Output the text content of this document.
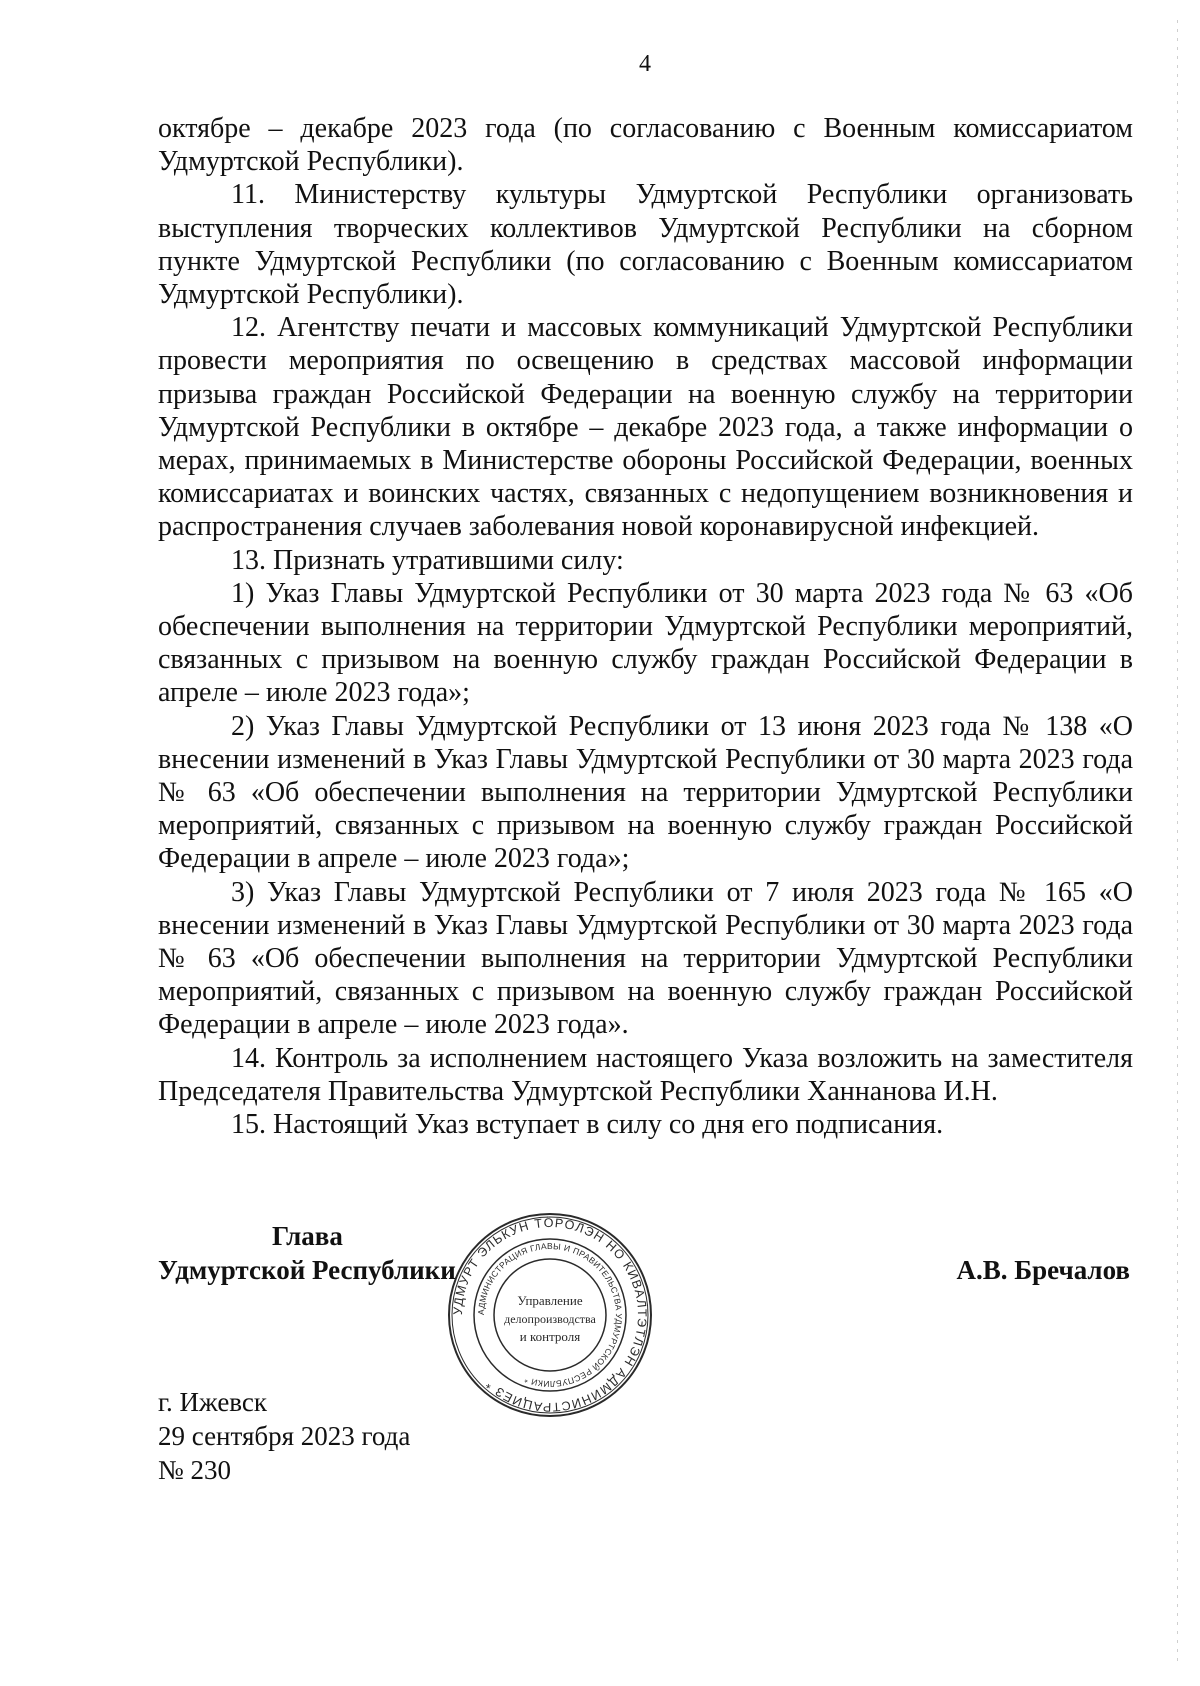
4

октябре – декабре 2023 года (по согласованию с Военным комиссариатом Удмуртской Республики).

11. Министерству культуры Удмуртской Республики организовать выступления творческих коллективов Удмуртской Республики на сборном пункте Удмуртской Республики (по согласованию с Военным комиссариатом Удмуртской Республики).

12. Агентству печати и массовых коммуникаций Удмуртской Республики провести мероприятия по освещению в средствах массовой информации призыва граждан Российской Федерации на военную службу на территории Удмуртской Республики в октябре – декабре 2023 года, а также информации о мерах, принимаемых в Министерстве обороны Российской Федерации, военных комиссариатах и воинских частях, связанных с недопущением возникновения и распространения случаев заболевания новой коронавирусной инфекцией.

13. Признать утратившими силу:

1) Указ Главы Удмуртской Республики от 30 марта 2023 года № 63 «Об обеспечении выполнения на территории Удмуртской Республики мероприятий, связанных с призывом на военную службу граждан Российской Федерации в апреле – июле 2023 года»;

2) Указ Главы Удмуртской Республики от 13 июня 2023 года № 138 «О внесении изменений в Указ Главы Удмуртской Республики от 30 марта 2023 года № 63 «Об обеспечении выполнения на территории Удмуртской Республики мероприятий, связанных с призывом на военную службу граждан Российской Федерации в апреле – июле 2023 года»;

3) Указ Главы Удмуртской Республики от 7 июля 2023 года № 165 «О внесении изменений в Указ Главы Удмуртской Республики от 30 марта 2023 года № 63 «Об обеспечении выполнения на территории Удмуртской Республики мероприятий, связанных с призывом на военную службу граждан Российской Федерации в апреле – июле 2023 года».

14. Контроль за исполнением настоящего Указа возложить на заместителя Председателя Правительства Удмуртской Республики Ханнанова И.Н.

15. Настоящий Указ вступает в силу со дня его подписания.

Глава
Удмуртской Республики	А.В. Бречалов
УДМУРТ ЭЛЬКУН ТӦРОЛЭН НО КИВАЛТЭТЛЭН АДМИНИСТРАЦИЕЗ *
АДМИНИСТРАЦИЯ ГЛАВЫ И ПРАВИТЕЛЬСТВА УДМУРТСКОЙ РЕСПУБЛИКИ *
Управление
делопроизводства
и контроля
г. Ижевск
29 сентября 2023 года
№ 230
